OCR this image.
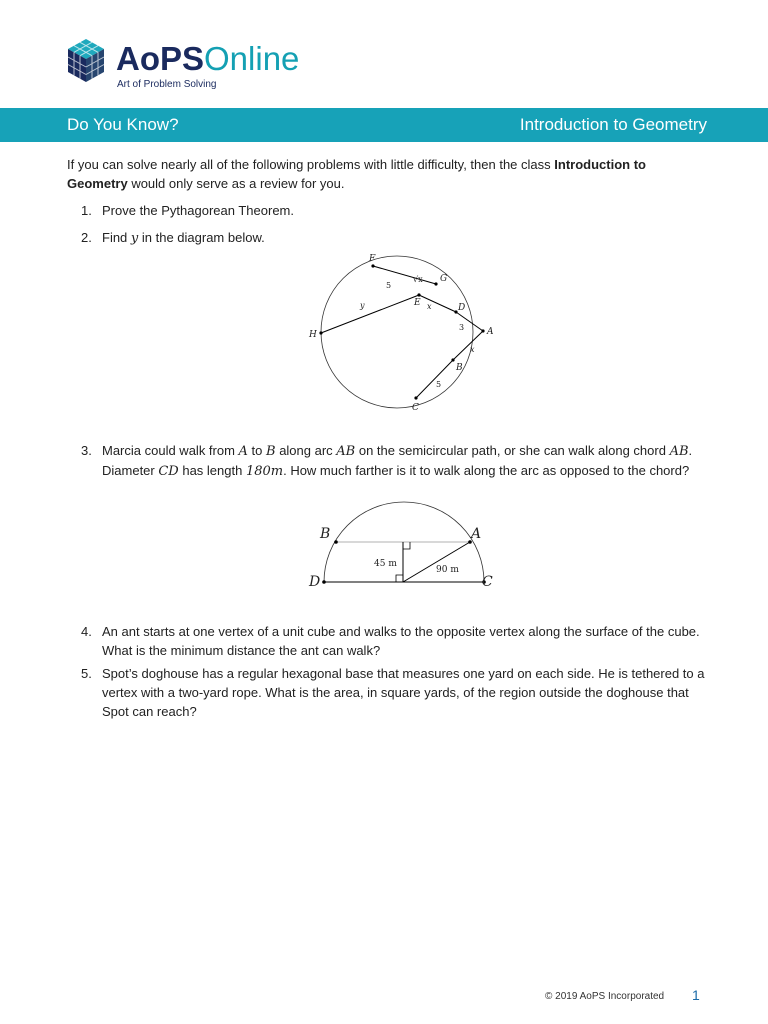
AoPSOnline
Art of Problem Solving
Do You Know?	Introduction to Geometry

If you can solve nearly all of the following problems with little difficulty, then the class Introduction to Geometry would only serve as a review for you.

1. Prove the Pythagorean Theorem.
2. Find y in the diagram below.
F
G
E	D
A
B
C
H
5
√x
x
3
x
5
y
3. Marcia could walk from A to B along arc AB on the semicircular path, or she can walk along chord AB. Diameter CD has length 180m. How much farther is it to walk along the arc as opposed to the chord?
B	A
D	C
45 m
90 m
4. An ant starts at one vertex of a unit cube and walks to the opposite vertex along the surface of the cube. What is the minimum distance the ant can walk?
5. Spot’s doghouse has a regular hexagonal base that measures one yard on each side. He is tethered to a vertex with a two-yard rope. What is the area, in square yards, of the region outside the doghouse that Spot can reach?
© 2019 AoPS Incorporated 1
